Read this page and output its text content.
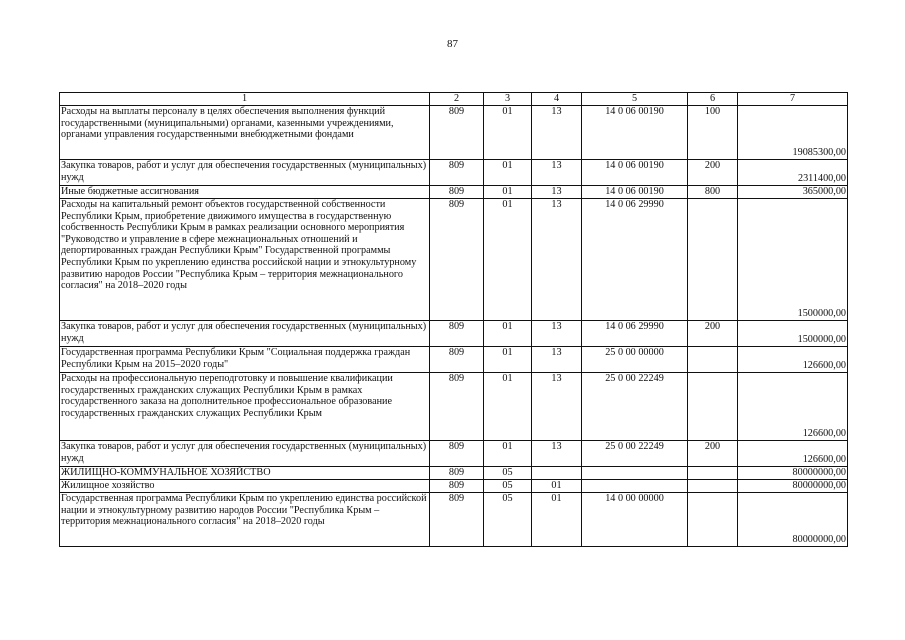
87
1	2	3	4	5	6	7
Расходы на выплаты персоналу в целях обеспечения выполнения функций государственными (муниципальными) органами, казенными учреждениями, органами управления государственными внебюджетными фондами	809	01	13	14 0 06 00190	100	19085300,00
Закупка товаров, работ и услуг для обеспечения государственных (муниципальных) нужд	809	01	13	14 0 06 00190	200	2311400,00
Иные бюджетные ассигнования	809	01	13	14 0 06 00190	800	365000,00
Расходы на капитальный ремонт объектов государственной собственности Республики Крым, приобретение движимого имущества в государственную собственность Республики Крым в рамках реализации основного мероприятия "Руководство и управление в сфере межнациональных отношений и депортированных граждан Республики Крым" Государственной программы Республики Крым по укреплению единства российской нации и этнокультурному развитию народов России "Республика Крым – территория межнационального согласия" на 2018–2020 годы	809	01	13	14 0 06 29990		1500000,00
Закупка товаров, работ и услуг для обеспечения государственных (муниципальных) нужд	809	01	13	14 0 06 29990	200	1500000,00
Государственная программа Республики Крым "Социальная поддержка граждан Республики Крым на 2015–2020 годы"	809	01	13	25 0 00 00000		126600,00
Расходы на профессиональную переподготовку и повышение квалификации государственных гражданских служащих Республики Крым в рамках государственного заказа на дополнительное профессиональное образование государственных гражданских служащих Республики Крым	809	01	13	25 0 00 22249		126600,00
Закупка товаров, работ и услуг для обеспечения государственных (муниципальных) нужд	809	01	13	25 0 00 22249	200	126600,00
ЖИЛИЩНО-КОММУНАЛЬНОЕ ХОЗЯЙСТВО	809	05				80000000,00
Жилищное хозяйство	809	05	01			80000000,00
Государственная программа Республики Крым по укреплению единства российской нации и этнокультурному развитию народов России "Республика Крым – территория межнационального согласия" на 2018–2020 годы	809	05	01	14 0 00 00000		80000000,00
